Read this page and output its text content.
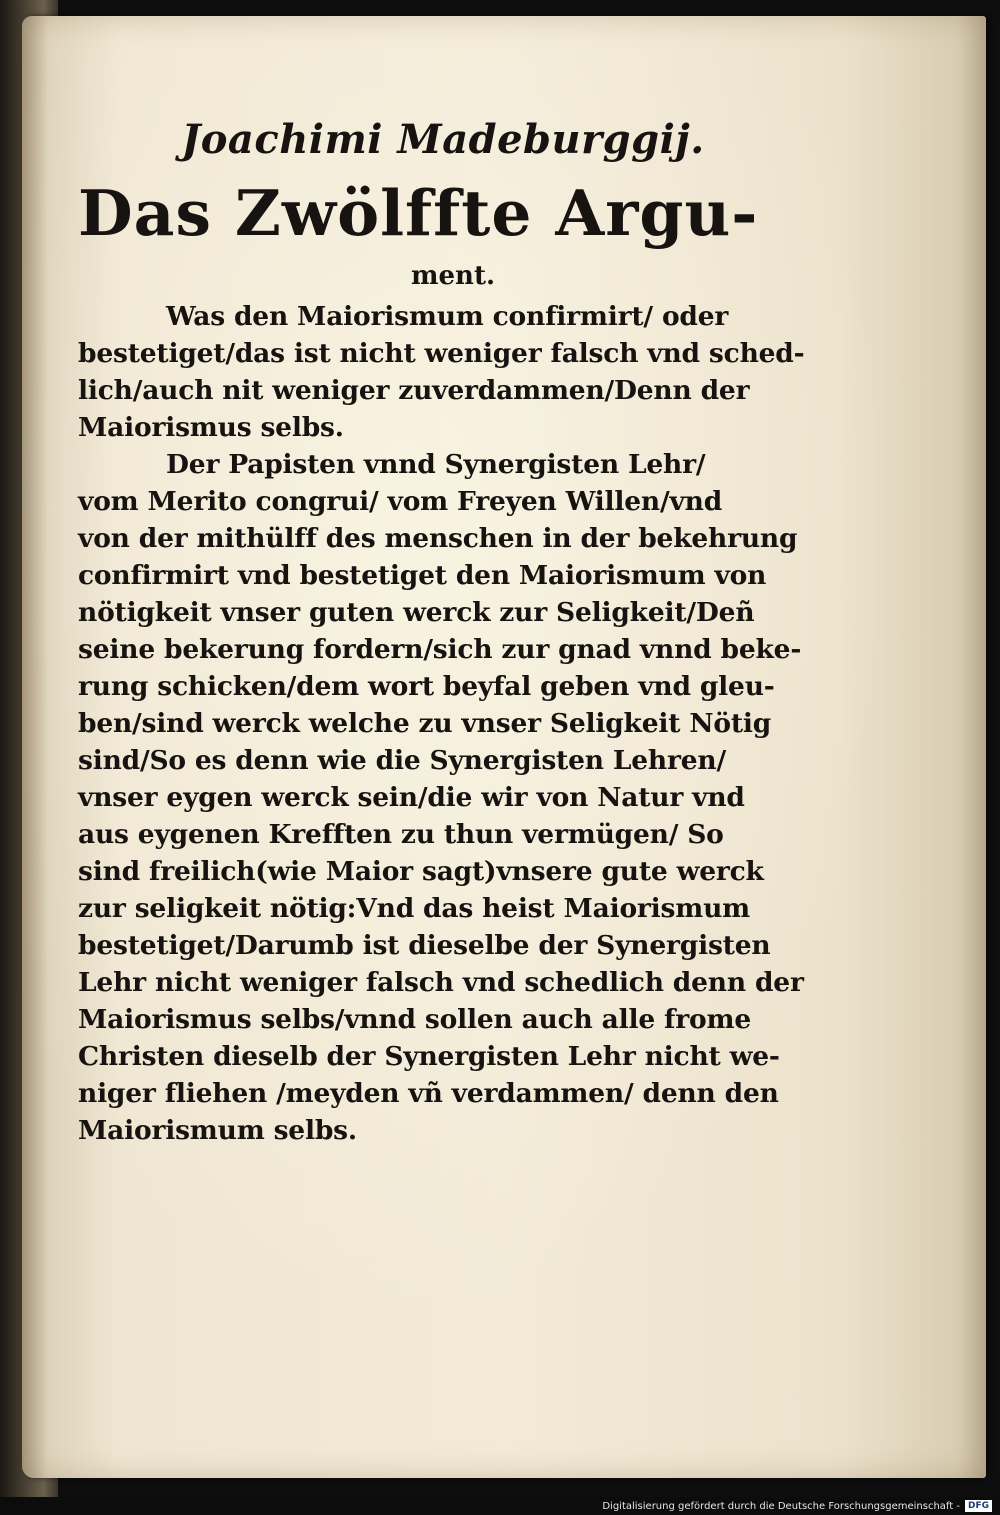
Joachimi Madeburggij.
Das Zwölffte Argu-
ment.
Was den Maiorismum confirmirt/ oder
bestetiget/das ist nicht weniger falsch vnd sched-
lich/auch nit weniger zuverdammen/Denn der
Maiorismus selbs.
Der Papisten vnnd Synergisten Lehr/
vom Merito congrui/ vom Freyen Willen/vnd
von der mithülff des menschen in der bekehrung
confirmirt vnd bestetiget den Maiorismum von
nötigkeit vnser guten werck zur Seligkeit/Deñ
seine bekerung fordern/sich zur gnad vnnd beke-
rung schicken/dem wort beyfal geben vnd gleu-
ben/sind werck welche zu vnser Seligkeit Nötig
sind/So es denn wie die Synergisten Lehren/
vnser eygen werck sein/die wir von Natur vnd
aus eygenen Krefften zu thun vermügen/ So
sind freilich(wie Maior sagt)vnsere gute werck
zur seligkeit nötig:Vnd das heist Maiorismum
bestetiget/Darumb ist dieselbe der Synergisten
Lehr nicht weniger falsch vnd schedlich denn der
Maiorismus selbs/vnnd sollen auch alle frome
Christen dieselb der Synergisten Lehr nicht we-
niger fliehen /meyden vñ verdammen/ denn den
Maiorismum selbs.
Digitalisierung gefördert durch die Deutsche Forschungsgemeinschaft - DFG
